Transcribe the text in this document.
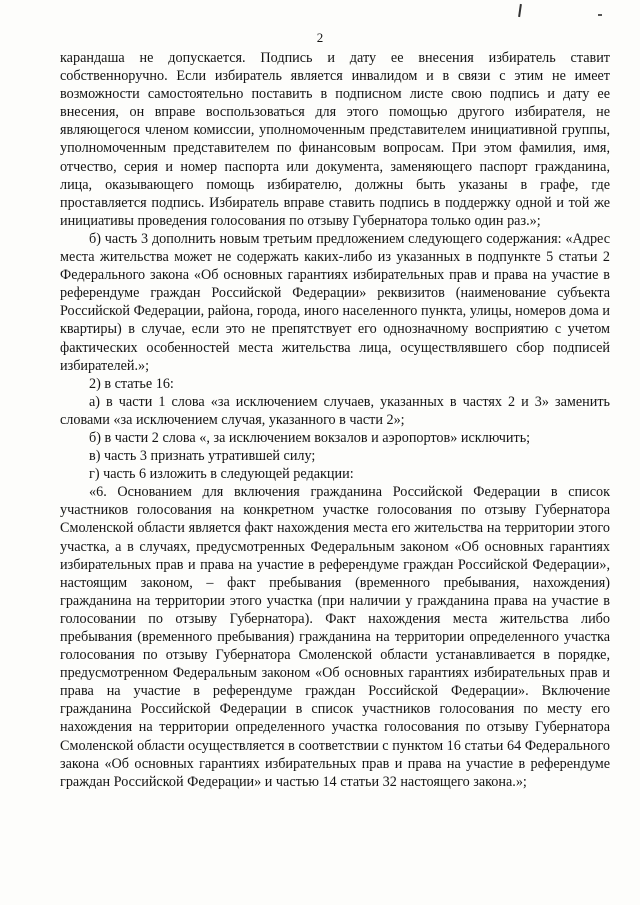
2

карандаша не допускается. Подпись и дату ее внесения избиратель ставит собственноручно. Если избиратель является инвалидом и в связи с этим не имеет возможности самостоятельно поставить в подписном листе свою подпись и дату ее внесения, он вправе воспользоваться для этого помощью другого избирателя, не являющегося членом комиссии, уполномоченным представителем инициативной группы, уполномоченным представителем по финансовым вопросам. При этом фамилия, имя, отчество, серия и номер паспорта или документа, заменяющего паспорт гражданина, лица, оказывающего помощь избирателю, должны быть указаны в графе, где проставляется подпись. Избиратель вправе ставить подпись в поддержку одной и той же инициативы проведения голосования по отзыву Губернатора только один раз.»;

б) часть 3 дополнить новым третьим предложением следующего содержания: «Адрес места жительства может не содержать каких-либо из указанных в подпункте 5 статьи 2 Федерального закона «Об основных гарантиях избирательных прав и права на участие в референдуме граждан Российской Федерации» реквизитов (наименование субъекта Российской Федерации, района, города, иного населенного пункта, улицы, номеров дома и квартиры) в случае, если это не препятствует его однозначному восприятию с учетом фактических особенностей места жительства лица, осуществлявшего сбор подписей избирателей.»;

2) в статье 16:

а) в части 1 слова «за исключением случаев, указанных в частях 2 и 3» заменить словами «за исключением случая, указанного в части 2»;

б) в части 2 слова «, за исключением вокзалов и аэропортов» исключить;

в) часть 3 признать утратившей силу;

г) часть 6 изложить в следующей редакции:

«6. Основанием для включения гражданина Российской Федерации в список участников голосования на конкретном участке голосования по отзыву Губернатора Смоленской области является факт нахождения места его жительства на территории этого участка, а в случаях, предусмотренных Федеральным законом «Об основных гарантиях избирательных прав и права на участие в референдуме граждан Российской Федерации», настоящим законом, – факт пребывания (временного пребывания, нахождения) гражданина на территории этого участка (при наличии у гражданина права на участие в голосовании по отзыву Губернатора). Факт нахождения места жительства либо пребывания (временного пребывания) гражданина на территории определенного участка голосования по отзыву Губернатора Смоленской области устанавливается в порядке, предусмотренном Федеральным законом «Об основных гарантиях избирательных прав и права на участие в референдуме граждан Российской Федерации». Включение гражданина Российской Федерации в список участников голосования по месту его нахождения на территории определенного участка голосования по отзыву Губернатора Смоленской области осуществляется в соответствии с пунктом 16 статьи 64 Федерального закона «Об основных гарантиях избирательных прав и права на участие в референдуме граждан Российской Федерации» и частью 14 статьи 32 настоящего закона.»;
